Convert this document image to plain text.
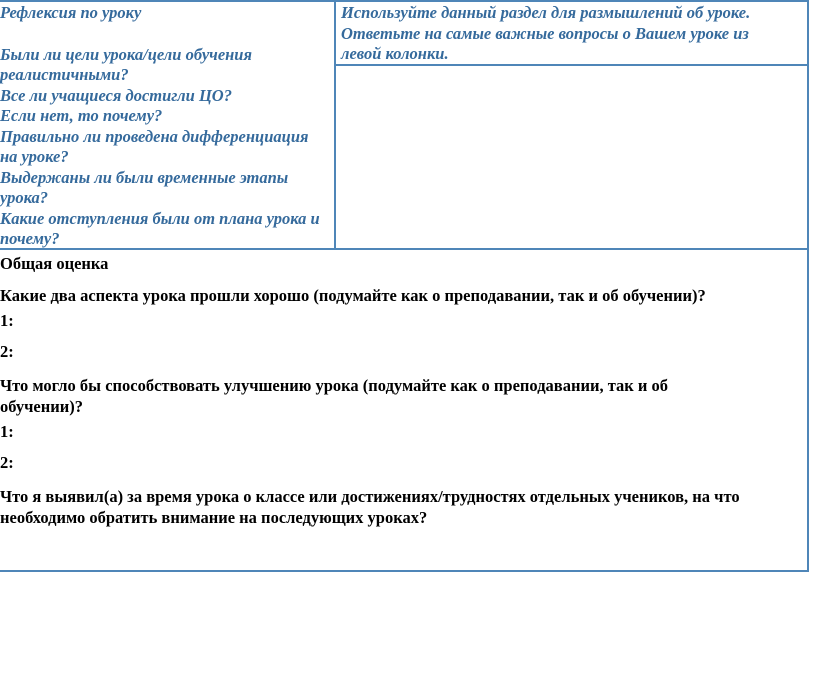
Рефлексия по уроку
Были ли цели урока/цели обучения
реалистичными?
Все ли учащиеся достигли ЦО?
Если нет, то почему?
Правильно ли проведена дифференциация
на уроке?
Выдержаны ли были временные этапы
урока?
Какие отступления были от плана урока и
почему?
Используйте данный раздел для размышлений об уроке.
Ответьте на самые важные вопросы о Вашем уроке из
левой колонки.
Общая оценка
Какие два аспекта урока прошли хорошо (подумайте как о преподавании, так и об обучении)?
1:
2:
Что могло бы способствовать улучшению урока (подумайте как о преподавании, так и об
обучении)?
1:
2:
Что я выявил(а) за время урока о классе или достижениях/трудностях отдельных учеников, на что
необходимо обратить внимание на последующих уроках?
